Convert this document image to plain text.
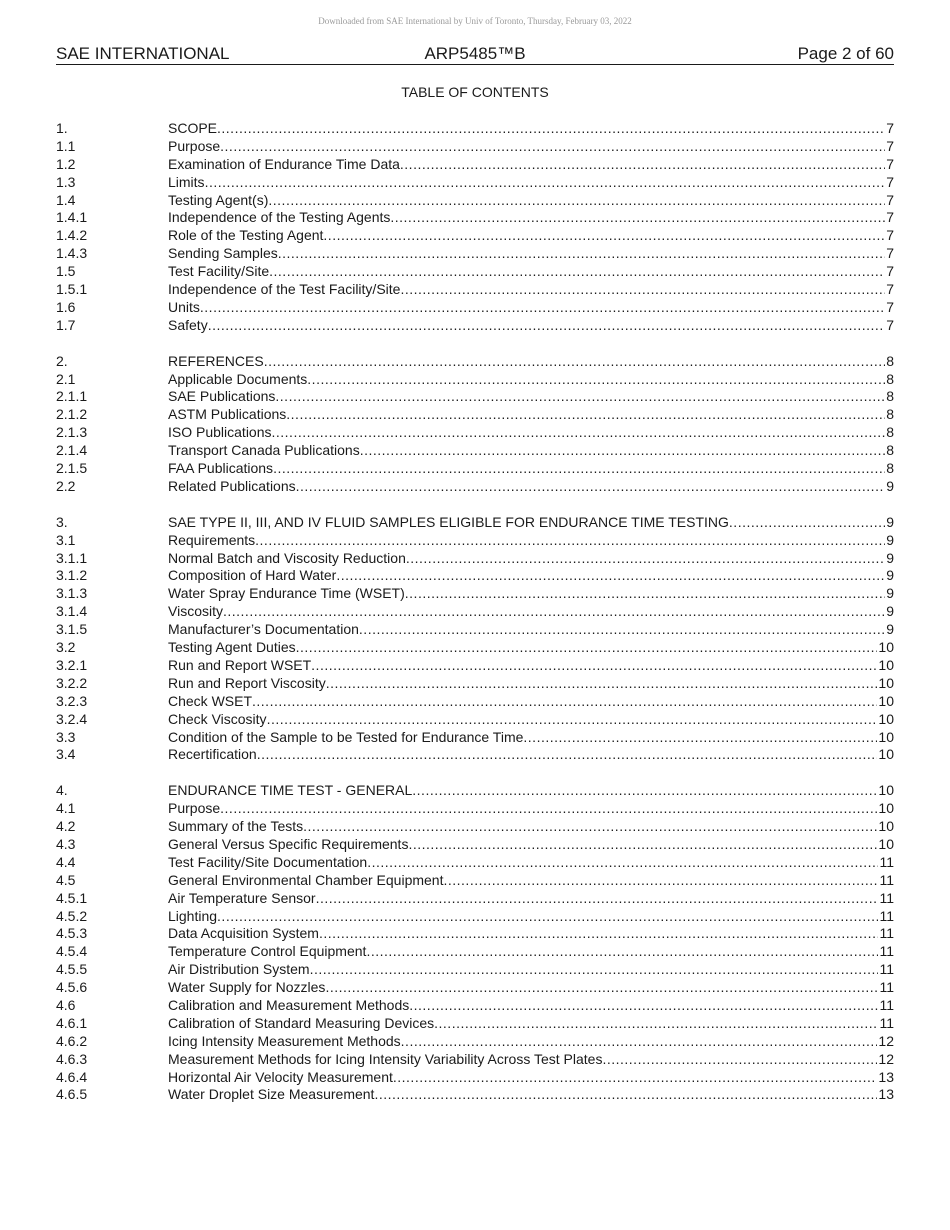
Downloaded from SAE International by Univ of Toronto, Thursday, February 03, 2022
SAE INTERNATIONAL	ARP5485™B	Page 2 of 60
TABLE OF CONTENTS
1.	SCOPE .....	7
1.1	Purpose .....	7
1.2	Examination of Endurance Time Data .....	7
1.3	Limits .....	7
1.4	Testing Agent(s) .....	7
1.4.1	Independence of the Testing Agents .....	7
1.4.2	Role of the Testing Agent .....	7
1.4.3	Sending Samples .....	7
1.5	Test Facility/Site .....	7
1.5.1	Independence of the Test Facility/Site .....	7
1.6	Units .....	7
1.7	Safety .....	7
2.	REFERENCES .....	8
2.1	Applicable Documents .....	8
2.1.1	SAE Publications .....	8
2.1.2	ASTM Publications .....	8
2.1.3	ISO Publications .....	8
2.1.4	Transport Canada Publications .....	8
2.1.5	FAA Publications .....	8
2.2	Related Publications .....	9
3.	SAE TYPE II, III, AND IV FLUID SAMPLES ELIGIBLE FOR ENDURANCE TIME TESTING .....	9
3.1	Requirements .....	9
3.1.1	Normal Batch and Viscosity Reduction .....	9
3.1.2	Composition of Hard Water .....	9
3.1.3	Water Spray Endurance Time (WSET) .....	9
3.1.4	Viscosity .....	9
3.1.5	Manufacturer’s Documentation .....	9
3.2	Testing Agent Duties .....	10
3.2.1	Run and Report WSET .....	10
3.2.2	Run and Report Viscosity .....	10
3.2.3	Check WSET .....	10
3.2.4	Check Viscosity .....	10
3.3	Condition of the Sample to be Tested for Endurance Time .....	10
3.4	Recertification .....	10
4.	ENDURANCE TIME TEST - GENERAL .....	10
4.1	Purpose .....	10
4.2	Summary of the Tests .....	10
4.3	General Versus Specific Requirements .....	10
4.4	Test Facility/Site Documentation .....	11
4.5	General Environmental Chamber Equipment .....	11
4.5.1	Air Temperature Sensor .....	11
4.5.2	Lighting .....	11
4.5.3	Data Acquisition System .....	11
4.5.4	Temperature Control Equipment .....	11
4.5.5	Air Distribution System .....	11
4.5.6	Water Supply for Nozzles .....	11
4.6	Calibration and Measurement Methods .....	11
4.6.1	Calibration of Standard Measuring Devices .....	11
4.6.2	Icing Intensity Measurement Methods .....	12
4.6.3	Measurement Methods for Icing Intensity Variability Across Test Plates .....	12
4.6.4	Horizontal Air Velocity Measurement .....	13
4.6.5	Water Droplet Size Measurement .....	13
